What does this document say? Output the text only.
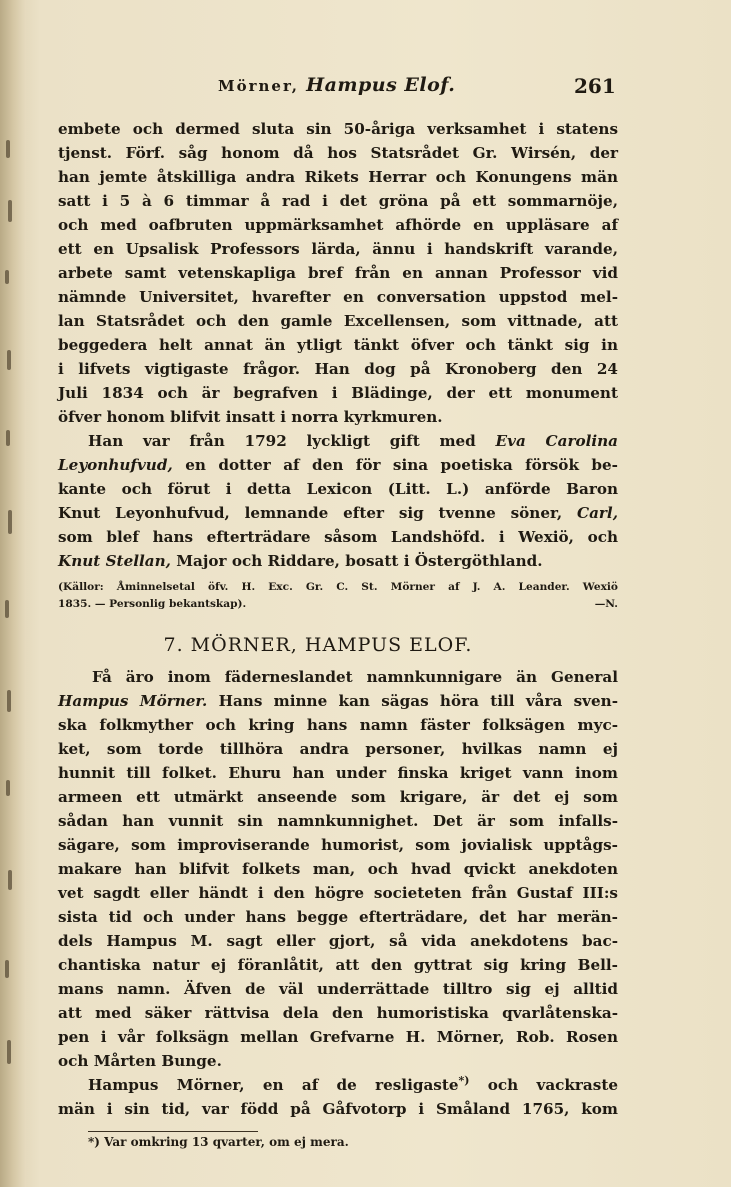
Mörner, Hampus Elof.	261
embete och dermed sluta sin 50-åriga verksamhet i statens
tjenst. Förf. såg honom då hos Statsrådet Gr. Wirsén, der
han jemte åtskilliga andra Rikets Herrar och Konungens män
satt i 5 à 6 timmar å rad i det gröna på ett sommarnöje,
och med oafbruten uppmärksamhet afhörde en uppläsare af
ett en Upsalisk Professors lärda, ännu i handskrift varande,
arbete samt vetenskapliga bref från en annan Professor vid
nämnde Universitet, hvarefter en conversation uppstod mel-
lan Statsrådet och den gamle Excellensen, som vittnade, att
beggedera helt annat än ytligt tänkt öfver och tänkt sig in
i lifvets vigtigaste frågor. Han dog på Kronoberg den 24
Juli 1834 och är begrafven i Blädinge, der ett monument
öfver honom blifvit insatt i norra kyrkmuren.
Han var från 1792 lyckligt gift med Eva Carolina
Leyonhufvud, en dotter af den för sina poetiska försök be-
kante och förut i detta Lexicon (Litt. L.) anförde Baron
Knut Leyonhufvud, lemnande efter sig tvenne söner, Carl,
som blef hans efterträdare såsom Landshöfd. i Wexiö, och
Knut Stellan, Major och Riddare, bosatt i Östergöthland.
(Källor: Åminnelsetal öfv. H. Exc. Gr. C. St. Mörner af J. A. Leander. Wexiö
1835. — Personlig bekantskap).	—N.
7. MÖRNER, HAMPUS ELOF.
Få äro inom fäderneslandet namnkunnigare än General
Hampus Mörner. Hans minne kan sägas höra till våra sven-
ska folkmyther och kring hans namn fäster folksägen myc-
ket, som torde tillhöra andra personer, hvilkas namn ej
hunnit till folket. Ehuru han under finska kriget vann inom
armeen ett utmärkt anseende som krigare, är det ej som
sådan han vunnit sin namnkunnighet. Det är som infalls-
sägare, som improviserande humorist, som jovialisk upptågs-
makare han blifvit folkets man, och hvad qvickt anekdoten
vet sagdt eller händt i den högre societeten från Gustaf III:s
sista tid och under hans begge efterträdare, det har merän-
dels Hampus M. sagt eller gjort, så vida anekdotens bac-
chantiska natur ej föranlåtit, att den gyttrat sig kring Bell-
mans namn. Äfven de väl underrättade tilltro sig ej alltid
att med säker rättvisa dela den humoristiska qvarlåtenska-
pen i vår folksägn mellan Grefvarne H. Mörner, Rob. Rosen
och Mårten Bunge.
Hampus Mörner, en af de resligaste*) och vackraste
män i sin tid, var född på Gåfvotorp i Småland 1765, kom
*) Var omkring 13 qvarter, om ej mera.
